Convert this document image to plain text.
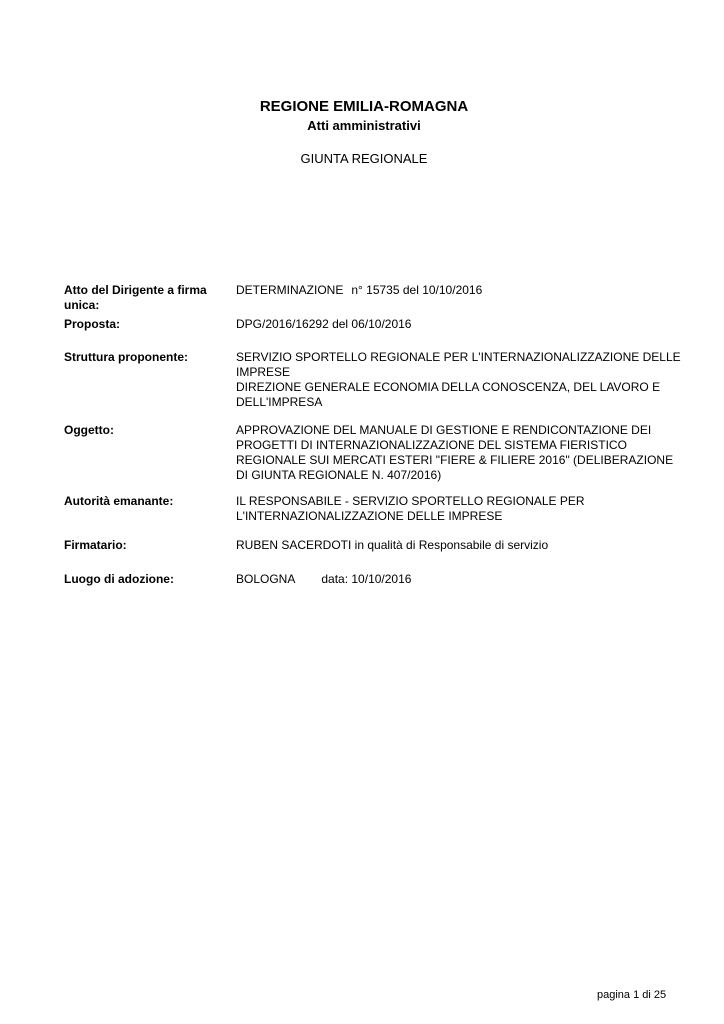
REGIONE EMILIA-ROMAGNA
Atti amministrativi
GIUNTA REGIONALE
Atto del Dirigente a firma unica:
DETERMINAZIONE n° 15735 del 10/10/2016
Proposta:	DPG/2016/16292 del 06/10/2016
Struttura proponente:	SERVIZIO SPORTELLO REGIONALE PER L'INTERNAZIONALIZZAZIONE DELLE
IMPRESE
DIREZIONE GENERALE ECONOMIA DELLA CONOSCENZA, DEL LAVORO E
DELL'IMPRESA
Oggetto:	APPROVAZIONE DEL MANUALE DI GESTIONE E RENDICONTAZIONE DEI
PROGETTI DI INTERNAZIONALIZZAZIONE DEL SISTEMA FIERISTICO
REGIONALE SUI MERCATI ESTERI "FIERE & FILIERE 2016" (DELIBERAZIONE
DI GIUNTA REGIONALE N. 407/2016)
Autorità emanante:	IL RESPONSABILE - SERVIZIO SPORTELLO REGIONALE PER
L'INTERNAZIONALIZZAZIONE DELLE IMPRESE
Firmatario:	RUBEN SACERDOTI in qualità di Responsabile di servizio
Luogo di adozione:	BOLOGNA data: 10/10/2016
pagina 1 di 25
